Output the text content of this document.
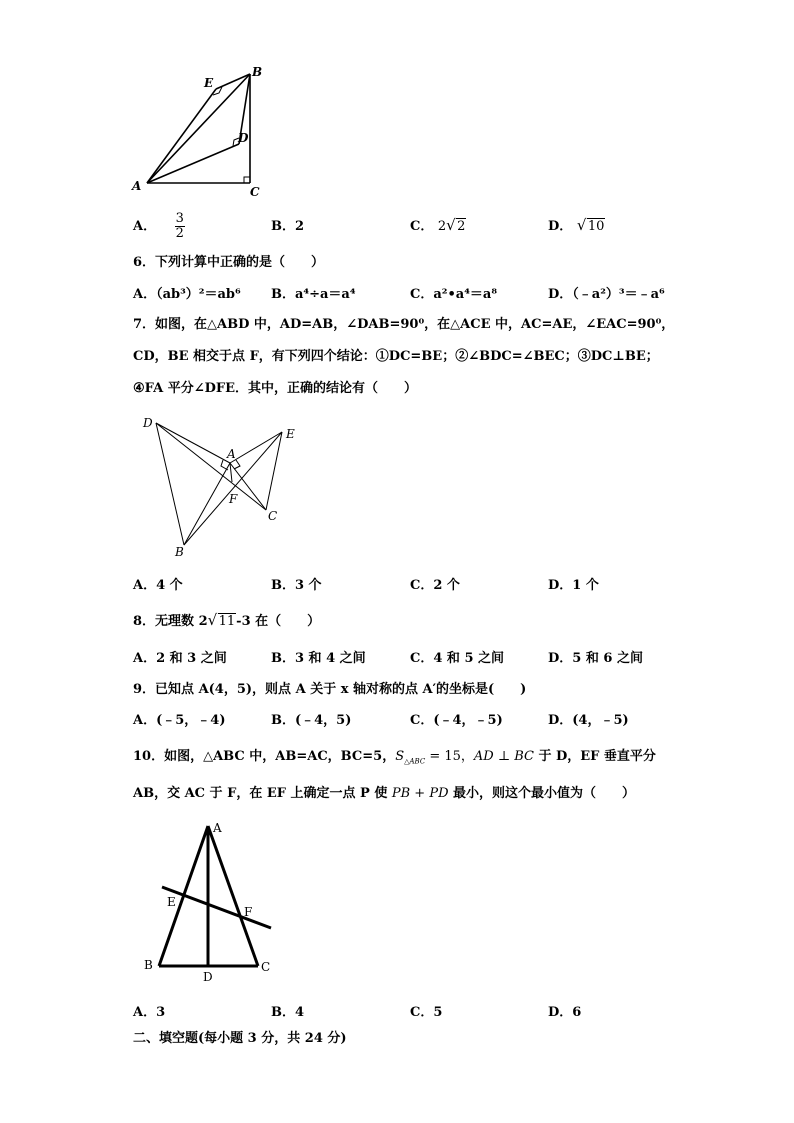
E
B
D
A	C
A． $\frac{3}{2}$	B．2	C． 2 √ 2	D． √ 10
6．下列计算中正确的是（　　）
A．（ab³）²＝ab⁶ B．a⁴÷a＝a⁴	C．a²•a⁴＝a⁸	D．（﹣a²）³＝﹣a⁶
7．如图，在△ABD 中，AD=AB，∠DAB=90⁰，在△ACE 中，AC=AE，∠EAC=90⁰，
CD，BE 相交于点 F，有下列四个结论：①DC=BE；②∠BDC=∠BEC；③DC⊥BE；
④FA 平分∠DFE．其中，正确的结论有（　　）
D
E
A
F
C
B
A．4 个	B．3 个	C．2 个	D．1 个
8．无理数 2 √ 11-3 在（　　）
A．2 和 3 之间	B．3 和 4 之间	C．4 和 5 之间	D．5 和 6 之间
9．已知点 A(4，5)，则点 A 关于 x 轴对称的点 A′的坐标是(　　)
A．(﹣5，﹣4)	B．(﹣4，5)	C．(﹣4，﹣5)	D．(4，﹣5)
10．如图，△ABC 中，AB=AC，BC=5，$S_{\triangle ABC} = 15$，AD ⊥ BC 于 D，EF 垂直平分
AB，交 AC 于 F，在 EF 上确定一点 P 使 PB + PD 最小，则这个最小值为（　　）
A
E
F
B
D
C
A．3	B．4	C．5	D．6
二、填空题(每小题 3 分，共 24 分)
